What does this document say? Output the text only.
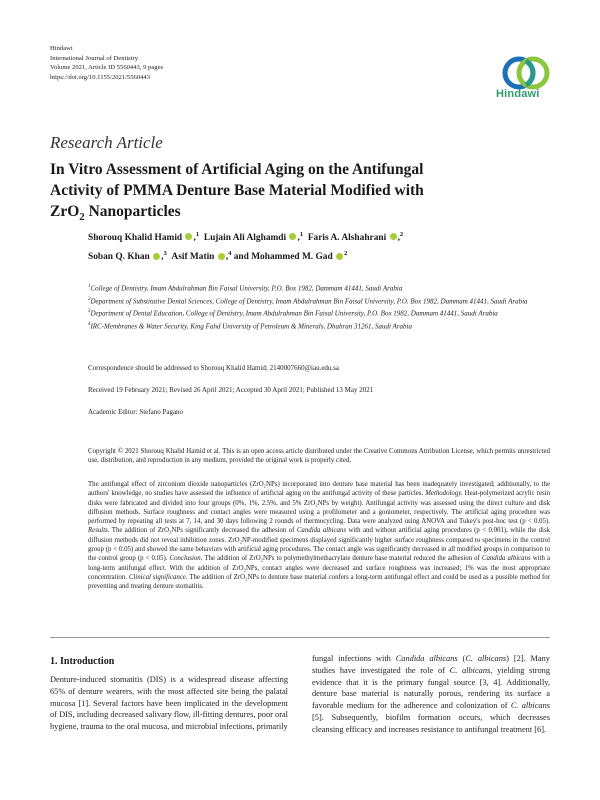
Hindawi
International Journal of Dentistry
Volume 2021, Article ID 5560443, 9 pages
https://doi.org/10.1155/2021/5560443
Hindawi
Research Article
In Vitro Assessment of Artificial Aging on the Antifungal
Activity of PMMA Denture Base Material Modified with
ZrO$_2$ Nanoparticles
Shorouq Khalid Hamid ,$^1$ Lujain Ali Alghamdi ,$^1$ Faris A. Alshahrani ,$^2$
Soban Q. Khan ,$^3$ Asif Matin ,$^4$ and Mohammed M. Gad $^2$

$^1$College of Dentistry, Imam Abdulrahman Bin Faisal University, P.O. Box 1982, Dammam 41441, Saudi Arabia

$^2$Department of Substitutive Dental Sciences, College of Dentistry, Imam Abdulrahman Bin Faisal University, P.O. Box 1982, Dammam 41441, Saudi Arabia

$^3$Department of Dental Education, College of Dentistry, Imam Abdulrahman Bin Faisal University, P.O. Box 1982, Dammam 41441, Saudi Arabia

$^4$IRC-Membranes & Water Security, King Fahd University of Petroleum & Minerals, Dhahran 31261, Saudi Arabia

Correspondence should be addressed to Shorouq Khalid Hamid; 2140007660@iau.edu.sa
Received 19 February 2021; Revised 26 April 2021; Accepted 30 April 2021; Published 13 May 2021
Academic Editor: Stefano Pagano
Copyright © 2021 Shorouq Khalid Hamid et al. This is an open access article distributed under the Creative Commons Attribution License, which permits unrestricted use, distribution, and reproduction in any medium, provided the original work is properly cited.
The antifungal effect of zirconium dioxide nanoparticles (ZrO₂NPs) incorporated into denture base material has been inadequately investigated; additionally, to the authors' knowledge, no studies have assessed the influence of artificial aging on the antifungal activity of these particles. Methodology. Heat-polymerized acrylic resin disks were fabricated and divided into four groups (0%, 1%, 2.5%, and 5% ZrO₂NPs by weight). Antifungal activity was assessed using the direct culture and disk diffusion methods. Surface roughness and contact angles were measured using a profilometer and a goniometer, respectively. The artificial aging procedure was performed by repeating all tests at 7, 14, and 30 days following 2 rounds of thermocycling. Data were analyzed using ANOVA and Tukey's post-hoc test (p < 0.05). Results. The addition of ZrO₂NPs significantly decreased the adhesion of Candida albicans with and without artificial aging procedures (p < 0.001), while the disk diffusion methods did not reveal inhibition zones. ZrO₂NP-modified specimens displayed significantly higher surface roughness compared to specimens in the control group (p < 0.05) and showed the same behaviors with artificial aging procedures. The contact angle was significantly decreased in all modified groups in comparison to the control group (p < 0.05). Conclusion. The addition of ZrO₂NPs to polymethylmethacrylate denture base material reduced the adhesion of Candida albicans with a long-term antifungal effect. With the addition of ZrO₂NPs, contact angles were decreased and surface roughness was increased; 1% was the most appropriate concentration. Clinical significance. The addition of ZrO₂NPs to denture base material confers a long-term antifungal effect and could be used as a possible method for preventing and treating denture stomatitis.
1. Introduction
Denture-induced stomatitis (DIS) is a widespread disease affecting 65% of denture wearers, with the most affected site being the palatal mucosa [1]. Several factors have been implicated in the development of DIS, including decreased salivary flow, ill-fitting dentures, poor oral hygiene, trauma to the oral mucosa, and microbial infections, primarily
fungal infections with Candida albicans (C. albicans) [2]. Many studies have investigated the role of C. albicans, yielding strong evidence that it is the primary fungal source [3, 4]. Additionally, denture base material is naturally porous, rendering its surface a favorable medium for the adherence and colonization of C. albicans [5]. Subsequently, biofilm formation occurs, which decreases cleansing efficacy and increases resistance to antifungal treatment [6].
